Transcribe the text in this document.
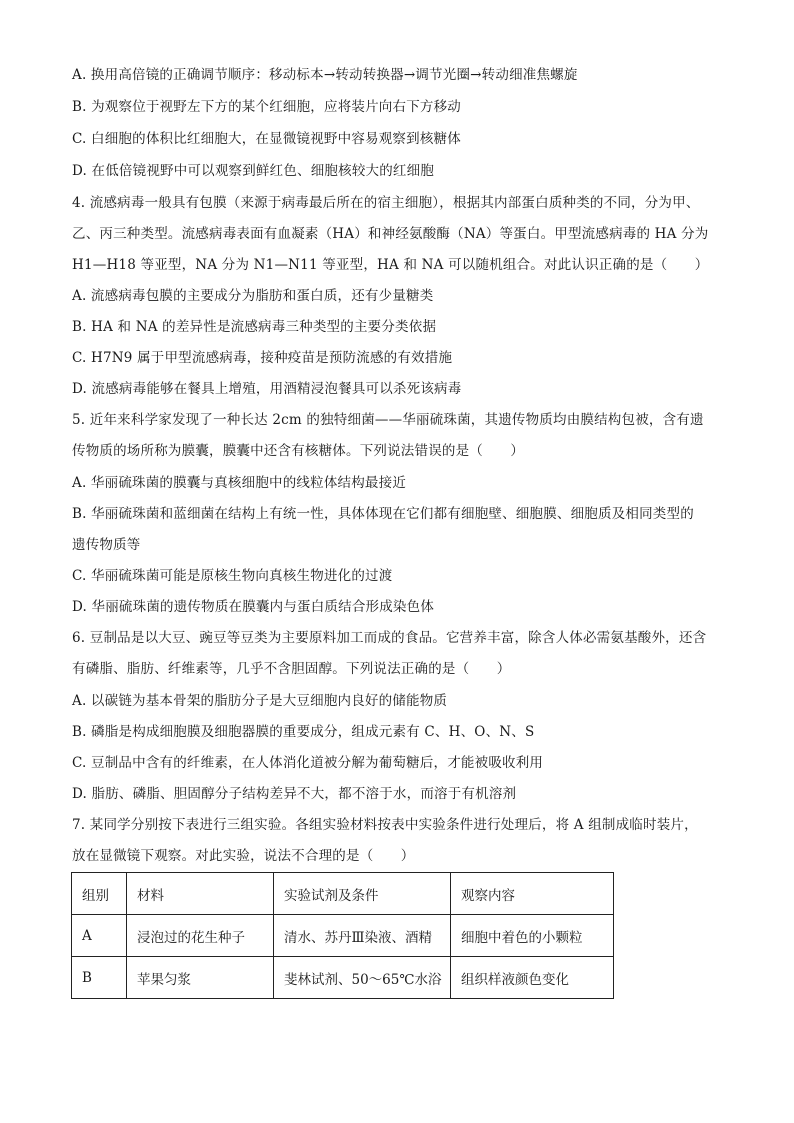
A. 换用高倍镜的正确调节顺序：移动标本→转动转换器→调节光圈→转动细准焦螺旋
B. 为观察位于视野左下方的某个红细胞，应将装片向右下方移动
C. 白细胞的体积比红细胞大，在显微镜视野中容易观察到核糖体
D. 在低倍镜视野中可以观察到鲜红色、细胞核较大的红细胞
4. 流感病毒一般具有包膜（来源于病毒最后所在的宿主细胞），根据其内部蛋白质种类的不同，分为甲、
乙、丙三种类型。流感病毒表面有血凝素（HA）和神经氨酸酶（NA）等蛋白。甲型流感病毒的 HA 分为
H1—H18 等亚型，NA 分为 N1—N11 等亚型，HA 和 NA 可以随机组合。对此认识正确的是（　　）
A. 流感病毒包膜的主要成分为脂肪和蛋白质，还有少量糖类
B. HA 和 NA 的差异性是流感病毒三种类型的主要分类依据
C. H7N9 属于甲型流感病毒，接种疫苗是预防流感的有效措施
D. 流感病毒能够在餐具上增殖，用酒精浸泡餐具可以杀死该病毒
5. 近年来科学家发现了一种长达 2cm 的独特细菌——华丽硫珠菌，其遗传物质均由膜结构包被，含有遗
传物质的场所称为膜囊，膜囊中还含有核糖体。下列说法错误的是（　　）
A. 华丽硫珠菌的膜囊与真核细胞中的线粒体结构最接近
B. 华丽硫珠菌和蓝细菌在结构上有统一性，具体体现在它们都有细胞壁、细胞膜、细胞质及相同类型的
遗传物质等
C. 华丽硫珠菌可能是原核生物向真核生物进化的过渡
D. 华丽硫珠菌的遗传物质在膜囊内与蛋白质结合形成染色体
6. 豆制品是以大豆、豌豆等豆类为主要原料加工而成的食品。它营养丰富，除含人体必需氨基酸外，还含
有磷脂、脂肪、纤维素等，几乎不含胆固醇。下列说法正确的是（　　）
A. 以碳链为基本骨架的脂肪分子是大豆细胞内良好的储能物质
B. 磷脂是构成细胞膜及细胞器膜的重要成分，组成元素有 C、H、O、N、S
C. 豆制品中含有的纤维素，在人体消化道被分解为葡萄糖后，才能被吸收利用
D. 脂肪、磷脂、胆固醇分子结构差异不大，都不溶于水，而溶于有机溶剂
7. 某同学分别按下表进行三组实验。各组实验材料按表中实验条件进行处理后，将 A 组制成临时装片，
放在显微镜下观察。对此实验，说法不合理的是（　　）
组别	材料	实验试剂及条件	观察内容
A	浸泡过的花生种子	清水、苏丹Ⅲ染液、酒精	细胞中着色的小颗粒
B	苹果匀浆	斐林试剂、50～65℃水浴	组织样液颜色变化
